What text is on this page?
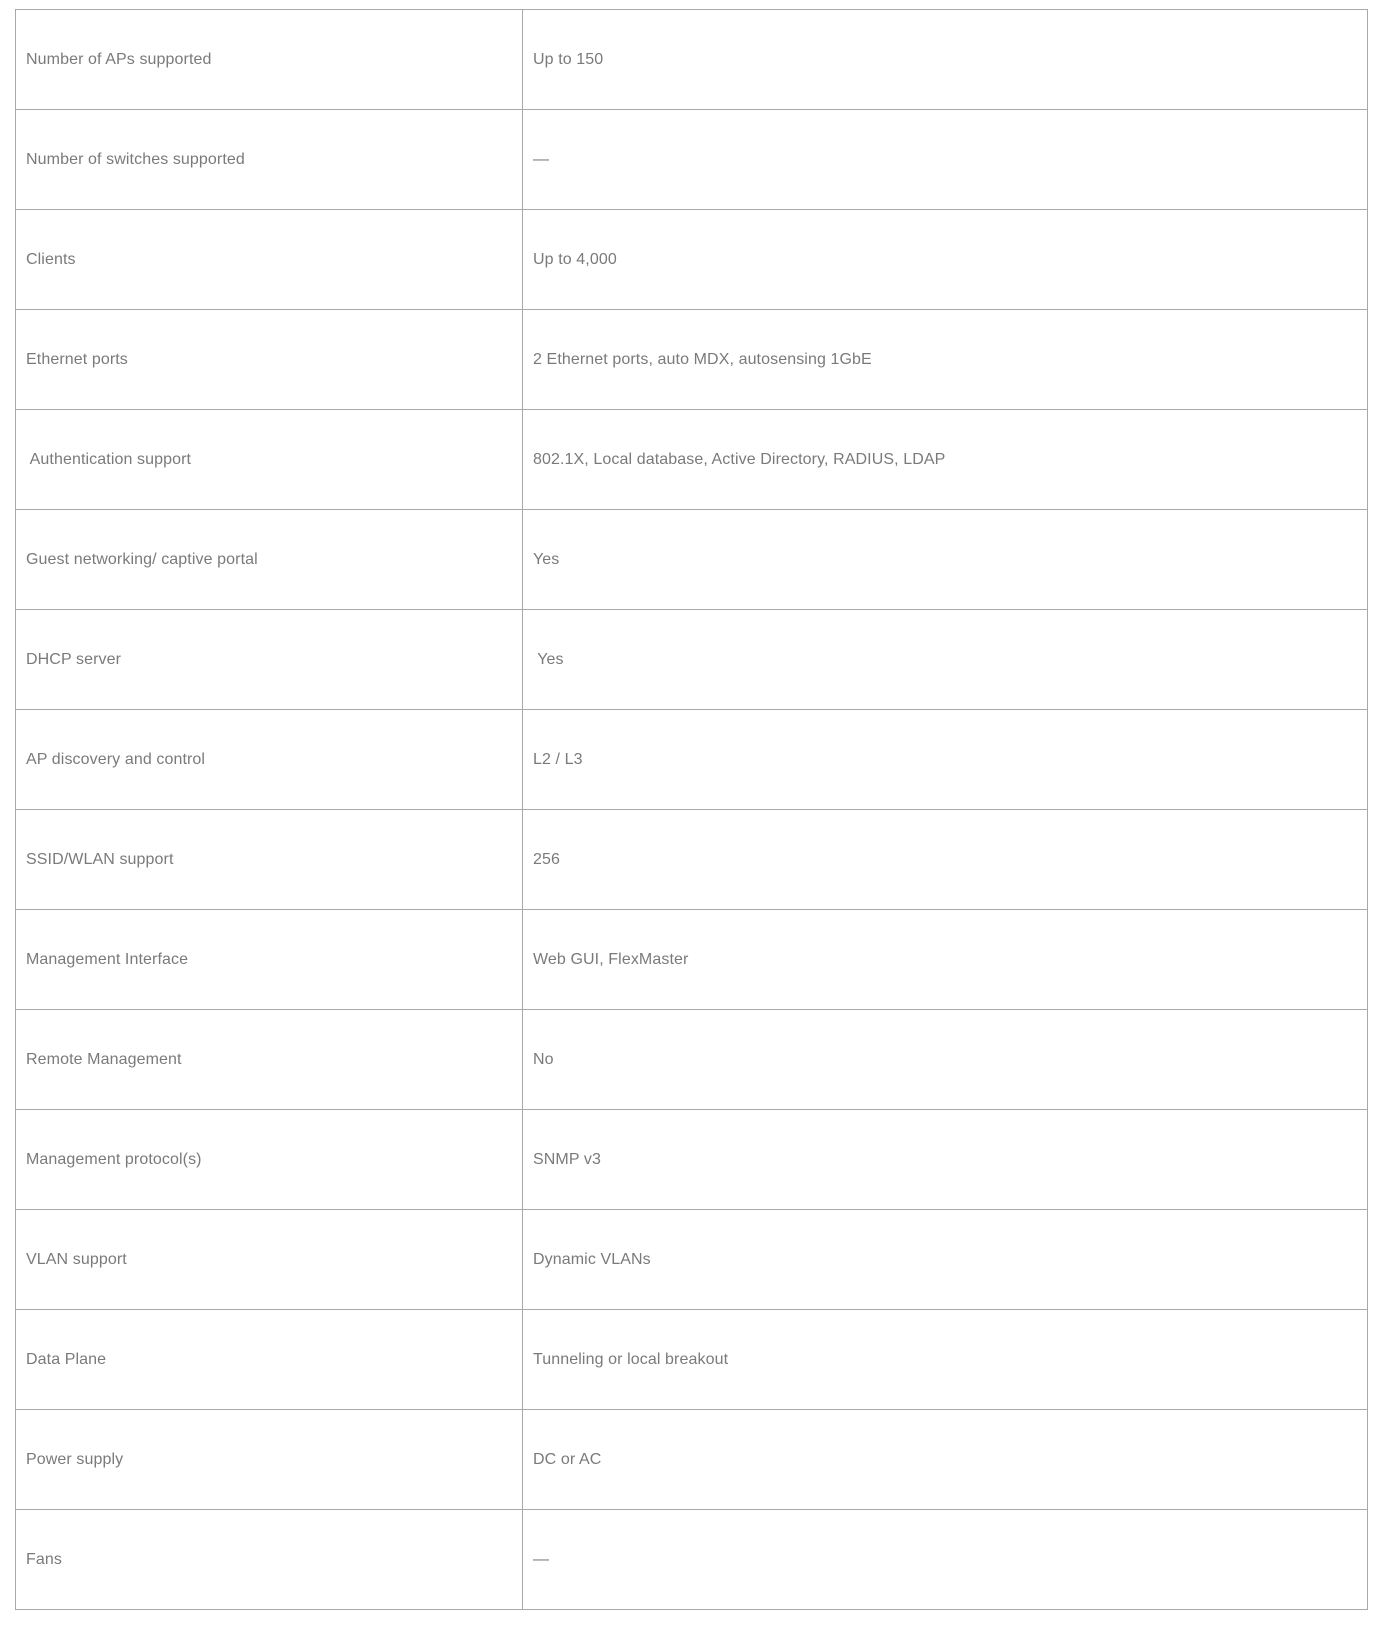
Number of APs supported	Up to 150
Number of switches supported	—
Clients	Up to 4,000
Ethernet ports	2 Ethernet ports, auto MDX, autosensing 1GbE
Authentication support	802.1X, Local database, Active Directory, RADIUS, LDAP
Guest networking/ captive portal	Yes
DHCP server	Yes
AP discovery and control	L2 / L3
SSID/WLAN support	256
Management Interface	Web GUI, FlexMaster
Remote Management	No
Management protocol(s)	SNMP v3
VLAN support	Dynamic VLANs
Data Plane	Tunneling or local breakout
Power supply	DC or AC
Fans	—
